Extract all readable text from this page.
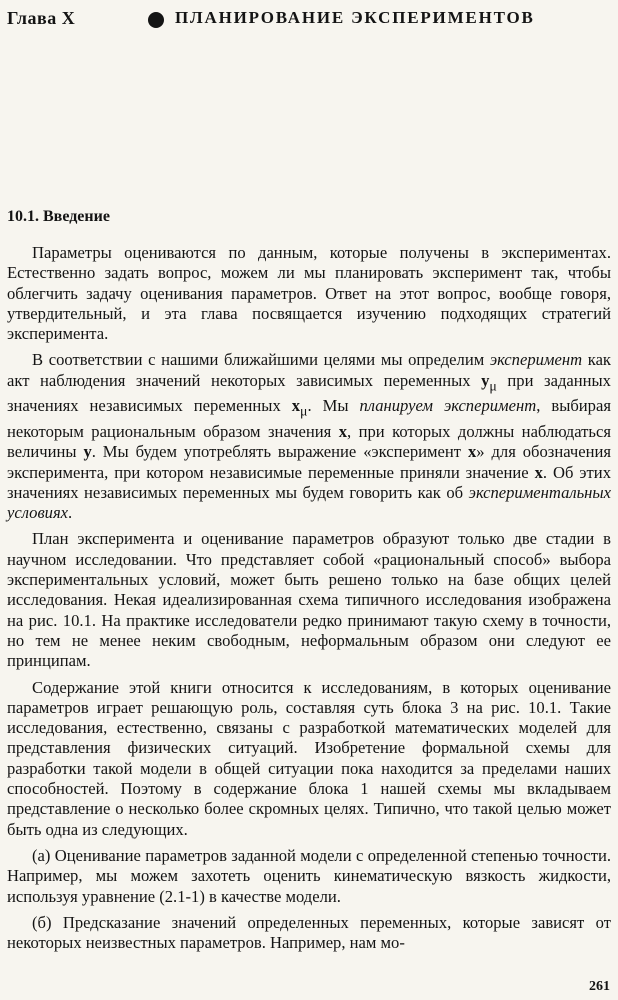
Глава X	ПЛАНИРОВАНИЕ ЭКСПЕРИМЕНТОВ
10.1. Введение

Параметры оцениваются по данным, которые получены в экспериментах. Естественно задать вопрос, можем ли мы планировать эксперимент так, чтобы облегчить задачу оценивания параметров. Ответ на этот вопрос, вообще говоря, утвердительный, и эта глава посвящается изучению подходящих стратегий эксперимента.

В соответствии с нашими ближайшими целями мы определим эксперимент как акт наблюдения значений некоторых зависимых переменных $y_\mu$ при заданных значениях независимых переменных $x_\mu$. Мы планируем эксперимент, выбирая некоторым рациональным образом значения x, при которых должны наблюдаться величины y. Мы будем употреблять выражение «эксперимент x» для обозначения эксперимента, при котором независимые переменные приняли значение x. Об этих значениях независимых переменных мы будем говорить как об экспериментальных условиях.

План эксперимента и оценивание параметров образуют только две стадии в научном исследовании. Что представляет собой «рациональный способ» выбора экспериментальных условий, может быть решено только на базе общих целей исследования. Некая идеализированная схема типичного исследования изображена на рис. 10.1. На практике исследователи редко принимают такую схему в точности, но тем не менее неким свободным, неформальным образом они следуют ее принципам.

Содержание этой книги относится к исследованиям, в которых оценивание параметров играет решающую роль, составляя суть блока 3 на рис. 10.1. Такие исследования, естественно, связаны с разработкой математических моделей для представления физических ситуаций. Изобретение формальной схемы для разработки такой модели в общей ситуации пока находится за пределами наших способностей. Поэтому в содержание блока 1 нашей схемы мы вкладываем представление о несколько более скромных целях. Типично, что такой целью может быть одна из следующих.

(а) Оценивание параметров заданной модели с определенной степенью точности. Например, мы можем захотеть оценить кинематическую вязкость жидкости, используя уравнение (2.1-1) в качестве модели.

(б) Предсказание значений определенных переменных, которые зависят от некоторых неизвестных параметров. Например, нам мо-

261
